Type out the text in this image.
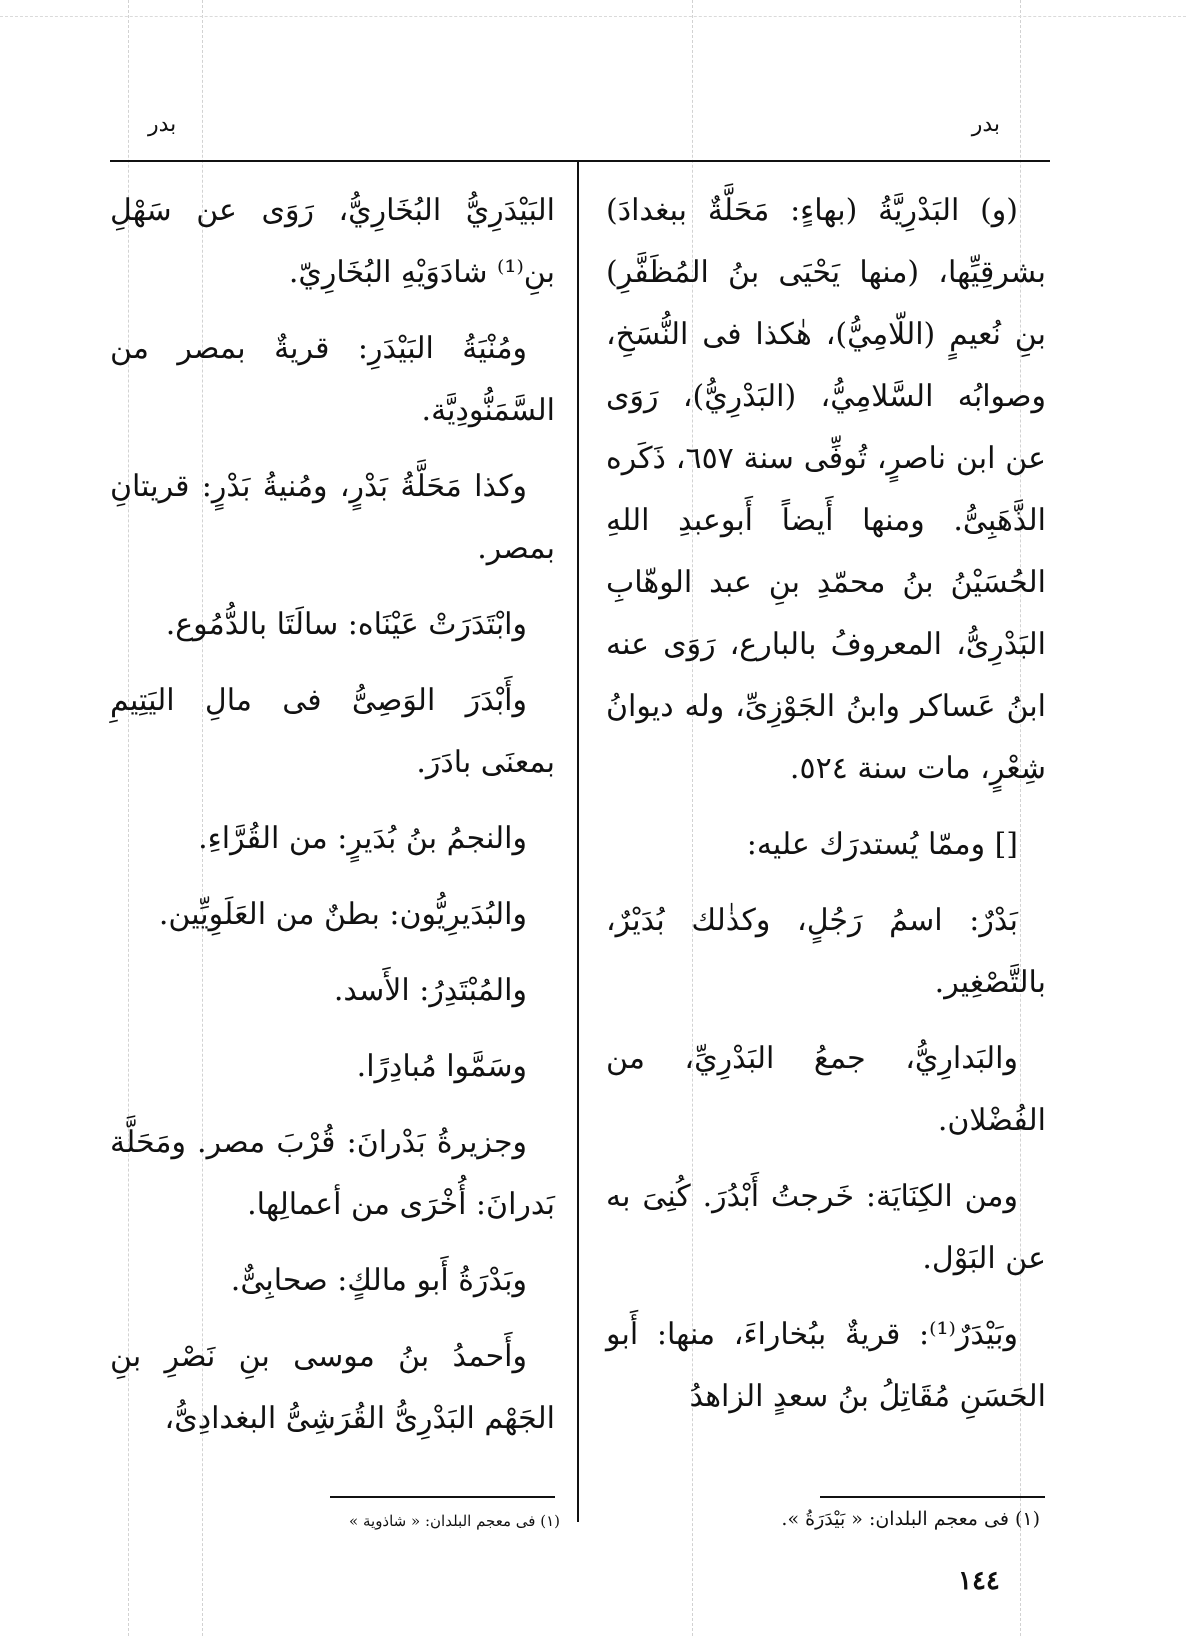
بدر
بدر

(و) البَدْرِيَّةُ (بهاءٍ: مَحَلَّةٌ ببغدادَ) بشرقِيِّها، (منها يَحْيَى بنُ المُظَفَّرِ) بنِ نُعيمٍ (اللّامِيُّ)، هٰكذا فى النُّسَخِ، وصوابُه السَّلامِيُّ، (البَدْرِيُّ)، رَوَى عن ابن ناصرٍ، تُوفِّى سنة ٦٥٧، ذَكَره الذَّهَبِىُّ. ومنها أَيضاً أَبوعبدِ اللهِ الحُسَيْنُ بنُ محمّدِ بنِ عبد الوهّابِ البَدْرِىُّ، المعروفُ بالبارع، رَوَى عنه ابنُ عَساكر وابنُ الجَوْزِىِّ، وله ديوانُ شِعْرٍ، مات سنة ٥٢٤.

[] وممّا يُستدرَك عليه:

بَدْرٌ: اسمُ رَجُلٍ، وكذٰلك بُدَيْرٌ، بالتَّصْغِير.

والبَدارِيُّ، جمعُ البَدْرِيِّ، من الفُضْلان.

ومن الكِنَايَة: خَرجتُ أَبْدُرَ. كُنِىَ به عن البَوْل.

وبَيْدَرٌ⁽¹⁾: قريةٌ ببُخاراءَ، منها: أَبو الحَسَنِ مُقَاتِلُ بنُ سعدٍ الزاهدُ

البَيْدَرِيُّ البُخَارِيُّ، رَوَى عن سَهْلِ بنِ⁽¹⁾ شادَوَيْهِ البُخَارِيّ.

ومُنْيَةُ البَيْدَرِ: قريةٌ بمصر من السَّمَنُّودِيَّة.

وكذا مَحَلَّةُ بَدْرٍ، ومُنيةُ بَدْرٍ: قريتانِ بمصر.

وابْتَدَرَتْ عَيْنَاه: سالَتَا بالدُّمُوع.

وأَبْدَرَ الوَصِىُّ فى مالِ اليَتِيمِ بمعنَى بادَرَ.

والنجمُ بنُ بُدَيرٍ: من القُرَّاءِ.

والبُدَيرِيُّون: بطنٌ من العَلَوِيِّين.

والمُبْتَدِرُ: الأَسد.

وسَمَّوا مُبادِرًا.

وجزيرةُ بَدْرانَ: قُرْبَ مصر. ومَحَلَّة بَدرانَ: أُخْرَى من أعمالِها.

وبَدْرَةُ أَبو مالكٍ: صحابِىٌّ.

وأَحمدُ بنُ موسى بنِ نَصْرِ بنِ الجَهْم البَدْرِىُّ القُرَشِىُّ البغدادِىُّ،

(١) فى معجم البلدان: « بَيْدَرَةُ ».
(١) فى معجم البلدان: « شاذوية »
١٤٤
